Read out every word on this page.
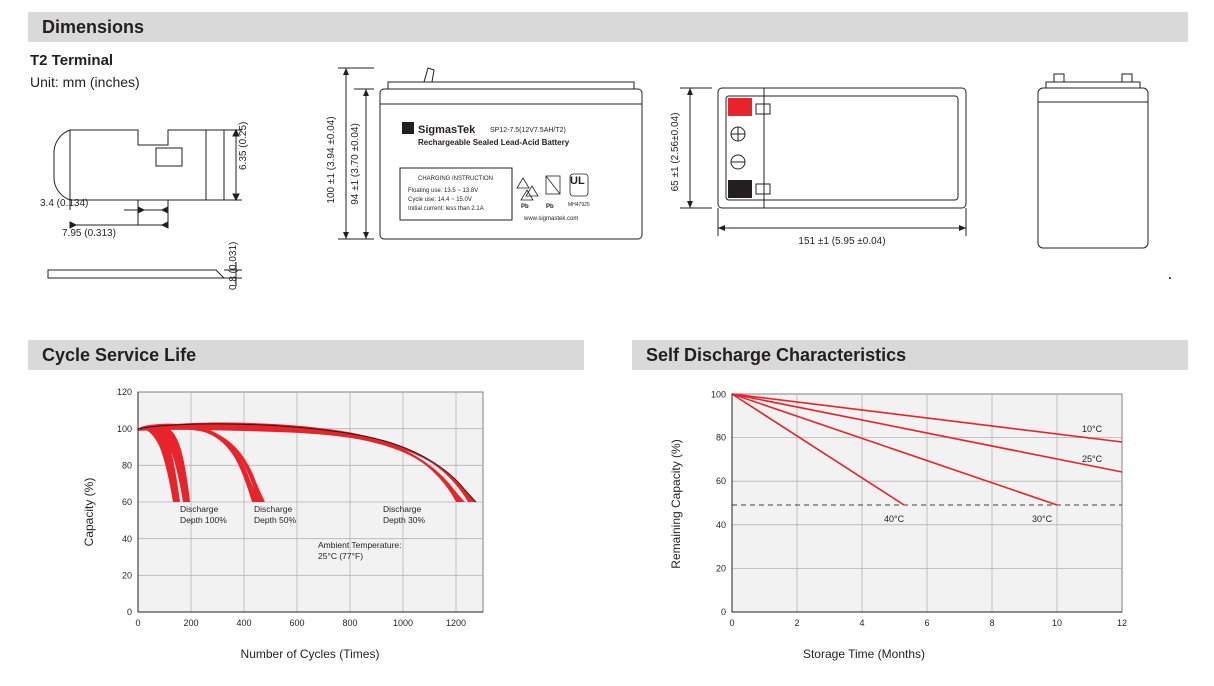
Dimensions
T2 Terminal
Unit: mm (inches)
3.4 (0.134)
7.95 (0.313)
6.35 (0.25)
0.8 (0.031)
100 ±1 (3.94 ±0.04) 94 ±1 (3.70 ±0.04)	S SigmasTek SP12-7.5(12V7.5AH/T2)
Rechargeable Sealed Lead-Acid Battery
CHARGING INSTRUCTION
Floating use: 13.5 ~ 13.8V
Cycle use: 14.4 ~ 15.0V
Initial current: less than 2.1A	Pb	Pb
UL
MH47925
www.sigmastek.com
65 ±1 (2.56±0.04)
151 ±1 (5.95 ±0.04)
Cycle Service Life
0	200	400	600	800	1000	1200
0
20
40
60
80
100
120
Capacity (%)
Number of Cycles (Times)
Discharge
Depth 100%
Discharge
Depth 50%
Discharge
Depth 30%
Ambient Temperature:
25°C (77°F)
Self Discharge Characteristics
0	2	4	6	8	10	12
0
20
40
60
80
100
Remaining Capacity (%)
Storage Time (Months)
10°C
25°C
40°C	30°C
